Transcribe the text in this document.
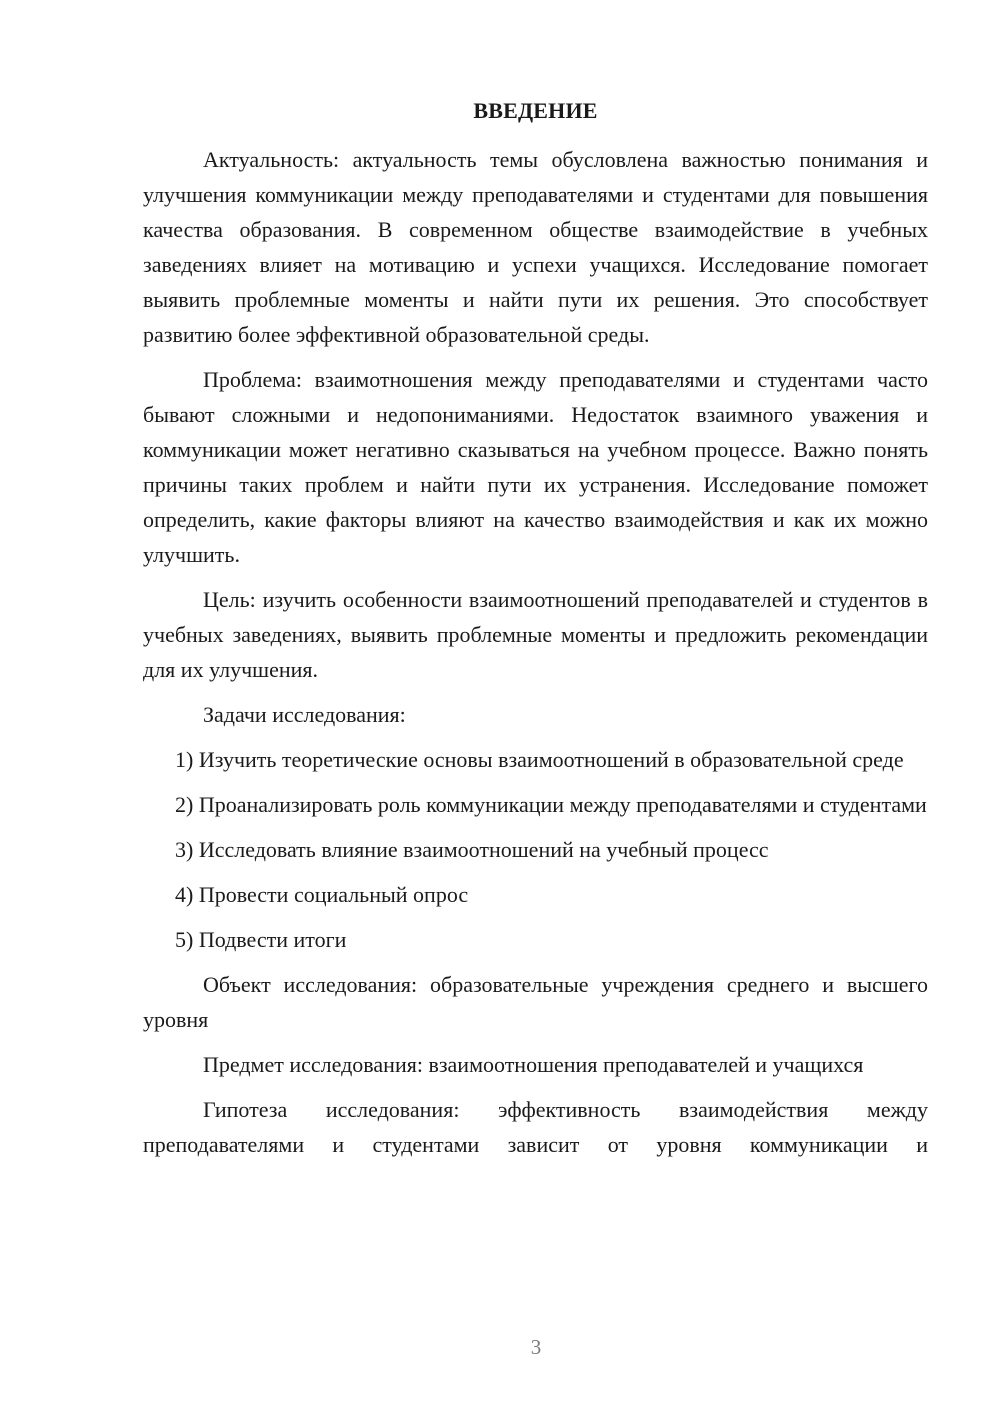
ВВЕДЕНИЕ

Актуальность: актуальность темы обусловлена важностью понимания и улучшения коммуникации между преподавателями и студентами для повышения качества образования. В современном обществе взаимодействие в учебных заведениях влияет на мотивацию и успехи учащихся. Исследование помогает выявить проблемные моменты и найти пути их решения. Это способствует развитию более эффективной образовательной среды.

Проблема: взаимотношения между преподавателями и студентами часто бывают сложными и недопониманиями. Недостаток взаимного уважения и коммуникации может негативно сказываться на учебном процессе. Важно понять причины таких проблем и найти пути их устранения. Исследование поможет определить, какие факторы влияют на качество взаимодействия и как их можно улучшить.

Цель: изучить особенности взаимоотношений преподавателей и студентов в учебных заведениях, выявить проблемные моменты и предложить рекомендации для их улучшения.

Задачи исследования:

1) Изучить теоретические основы взаимоотношений в образовательной среде

2) Проанализировать роль коммуникации между преподавателями и студентами

3) Исследовать влияние взаимоотношений на учебный процесс

4) Провести социальный опрос

5) Подвести итоги

Объект исследования: образовательные учреждения среднего и высшего уровня

Предмет исследования: взаимоотношения преподавателей и учащихся

Гипотеза исследования: эффективность взаимодействия между преподавателями и студентами зависит от уровня коммуникации и

3
